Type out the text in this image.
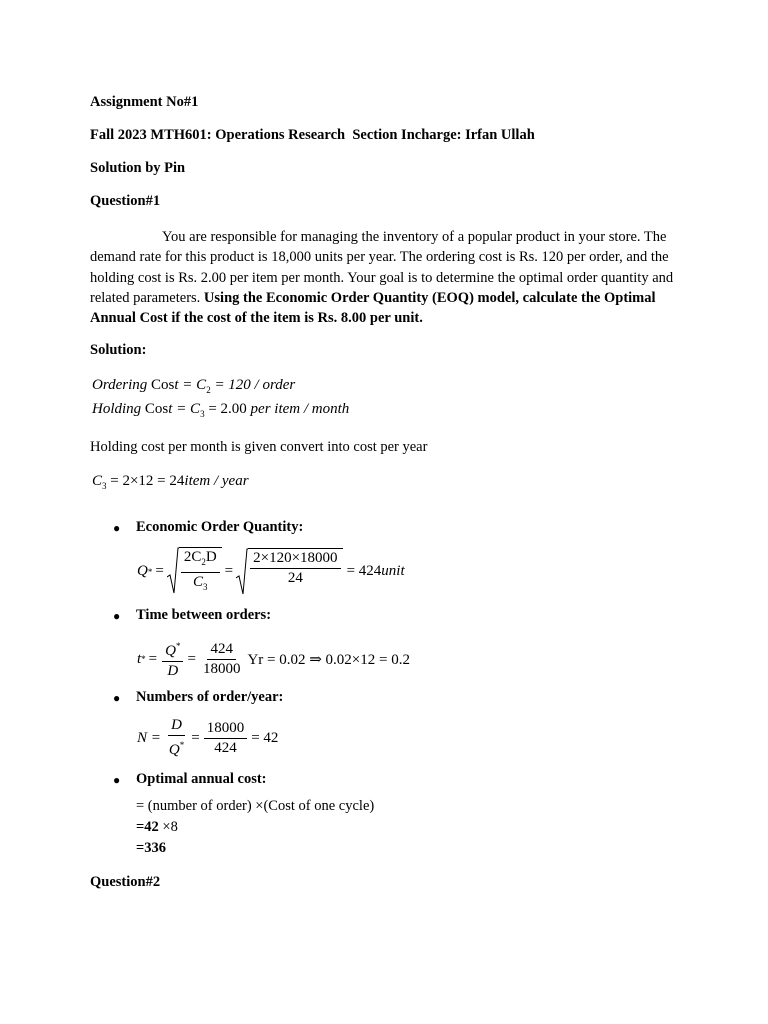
Assignment No#1
Fall 2023 MTH601: Operations Research  Section Incharge: Irfan Ullah
Solution by Pin
Question#1
You are responsible for managing the inventory of a popular product in your store. The demand rate for this product is 18,000 units per year. The ordering cost is Rs. 120 per order, and the holding cost is Rs. 2.00 per item per month. Your goal is to determine the optimal order quantity and related parameters. Using the Economic Order Quantity (EOQ) model, calculate the Optimal Annual Cost if the cost of the item is Rs. 8.00 per unit.
Solution:
Ordering Cost = $C_2 = 120$ / order
Holding Cost = $C_3 = 2.00$ per item / month
Holding cost per month is given convert into cost per year
$C_3 = 2\times 12$ = 24item / year
● Economic Order Quantity:
Q * = $\frac{2C_2D}{C_3} = \frac{2\times 120\times 18000}{24} = 424$ unit
● Time between orders:
t * = $\frac{Q^*}{D} = \frac{424}{18000}$ Yr = 0.02 ⇒ 0.02×12 = 0.2
● Numbers of order/year:
$N = \frac{D}{Q^*} = \frac{18000}{424} = 42$
● Optimal annual cost:
= (number of order) ×(Cost of one cycle)
=42 ×8
=336
Question#2
